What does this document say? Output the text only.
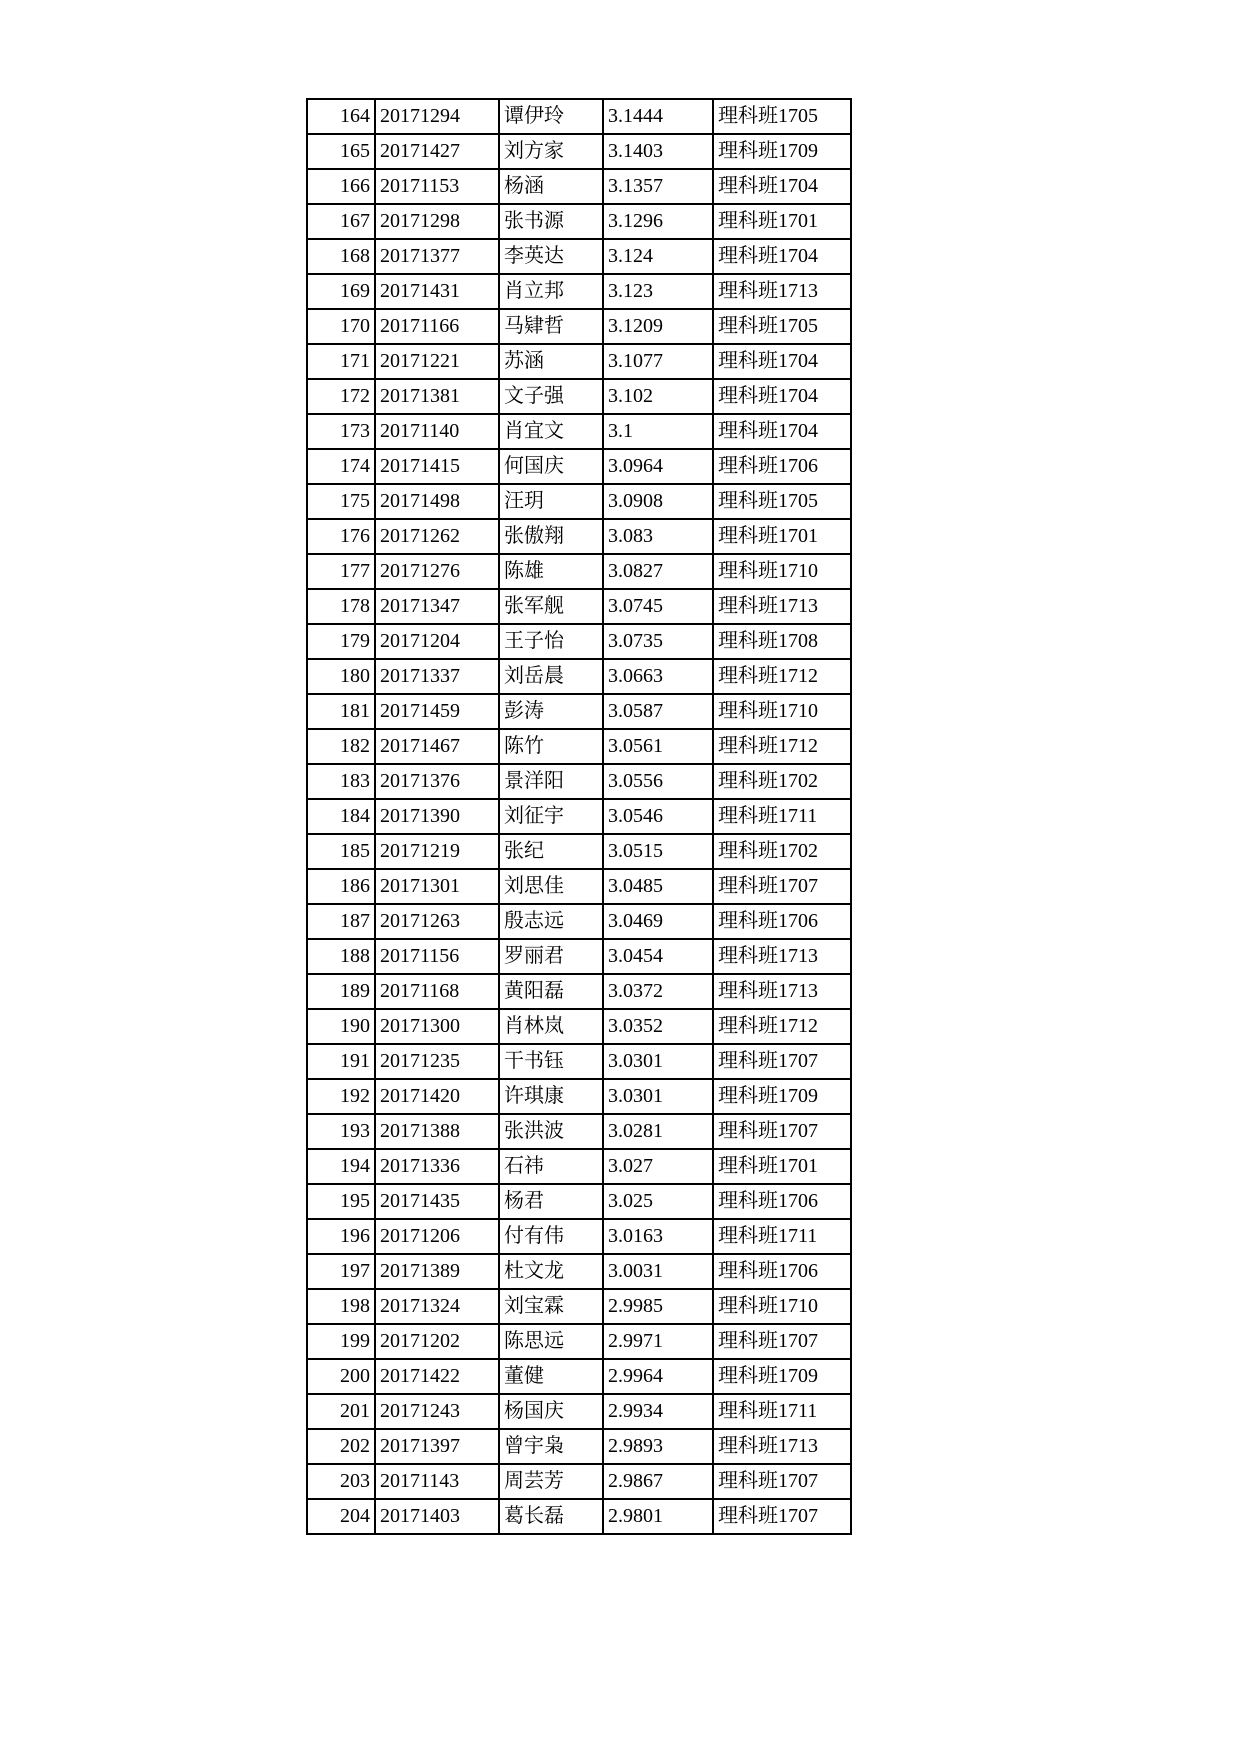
164	20171294	谭伊玲	3.1444	理科班1705
165	20171427	刘方家	3.1403	理科班1709
166	20171153	杨涵	3.1357	理科班1704
167	20171298	张书源	3.1296	理科班1701
168	20171377	李英达	3.124	理科班1704
169	20171431	肖立邦	3.123	理科班1713
170	20171166	马肄哲	3.1209	理科班1705
171	20171221	苏涵	3.1077	理科班1704
172	20171381	文子强	3.102	理科班1704
173	20171140	肖宜文	3.1	理科班1704
174	20171415	何国庆	3.0964	理科班1706
175	20171498	汪玥	3.0908	理科班1705
176	20171262	张傲翔	3.083	理科班1701
177	20171276	陈雄	3.0827	理科班1710
178	20171347	张军舰	3.0745	理科班1713
179	20171204	王子怡	3.0735	理科班1708
180	20171337	刘岳晨	3.0663	理科班1712
181	20171459	彭涛	3.0587	理科班1710
182	20171467	陈竹	3.0561	理科班1712
183	20171376	景洋阳	3.0556	理科班1702
184	20171390	刘征宇	3.0546	理科班1711
185	20171219	张纪	3.0515	理科班1702
186	20171301	刘思佳	3.0485	理科班1707
187	20171263	殷志远	3.0469	理科班1706
188	20171156	罗丽君	3.0454	理科班1713
189	20171168	黄阳磊	3.0372	理科班1713
190	20171300	肖林岚	3.0352	理科班1712
191	20171235	干书钰	3.0301	理科班1707
192	20171420	许琪康	3.0301	理科班1709
193	20171388	张洪波	3.0281	理科班1707
194	20171336	石祎	3.027	理科班1701
195	20171435	杨君	3.025	理科班1706
196	20171206	付有伟	3.0163	理科班1711
197	20171389	杜文龙	3.0031	理科班1706
198	20171324	刘宝霖	2.9985	理科班1710
199	20171202	陈思远	2.9971	理科班1707
200	20171422	董健	2.9964	理科班1709
201	20171243	杨国庆	2.9934	理科班1711
202	20171397	曾宇枭	2.9893	理科班1713
203	20171143	周芸芳	2.9867	理科班1707
204	20171403	葛长磊	2.9801	理科班1707
